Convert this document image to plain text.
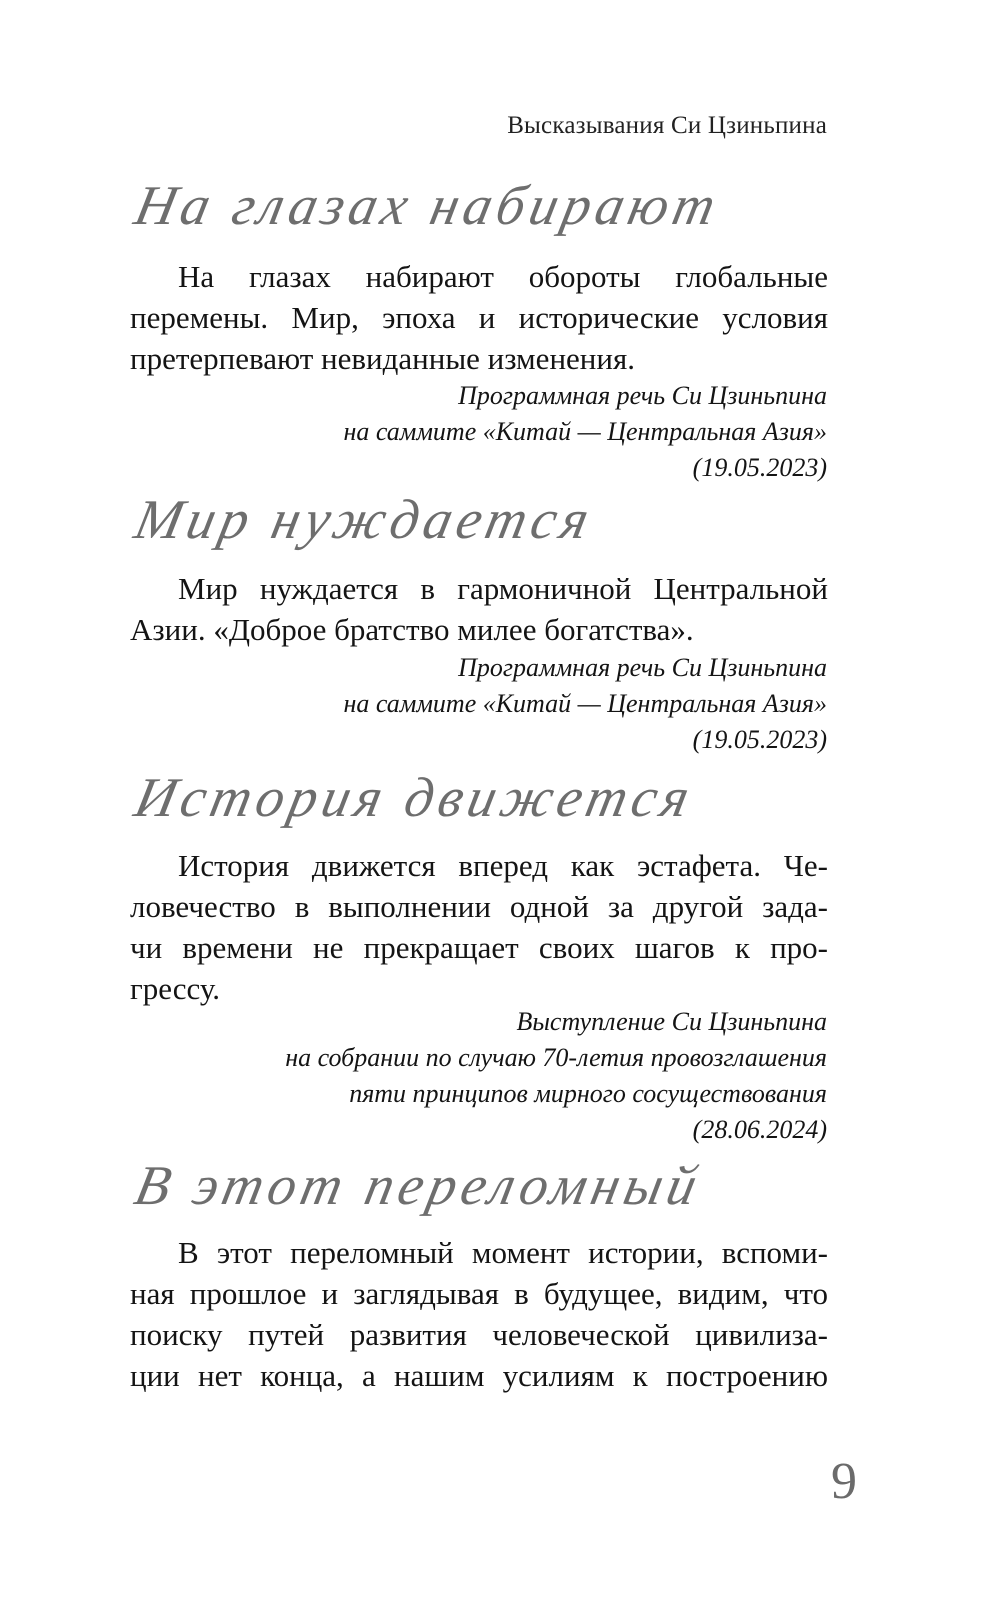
Высказывания Си Цзиньпина
На глазах набирают

На глазах набирают обороты глобальные
перемены. Мир, эпоха и исторические условия
претерпевают невиданные изменения.

Программная речь Си Цзиньпина
на саммите «Китай — Центральная Азия»
(19.05.2023)

Мир нуждается

Мир нуждается в гармоничной Центральной
Азии. «Доброе братство милее богатства».

Программная речь Си Цзиньпина
на саммите «Китай — Центральная Азия»
(19.05.2023)

История движется

История движется вперед как эстафета. Че-
ловечество в выполнении одной за другой зада-
чи времени не прекращает своих шагов к про-
грессу.

Выступление Си Цзиньпина
на собрании по случаю 70-летия провозглашения
пяти принципов мирного сосуществования
(28.06.2024)

В этот переломный

В этот переломный момент истории, вспоми-
ная прошлое и заглядывая в будущее, видим, что
поиску путей развития человеческой цивилиза-
ции нет конца, а нашим усилиям к построению

9
